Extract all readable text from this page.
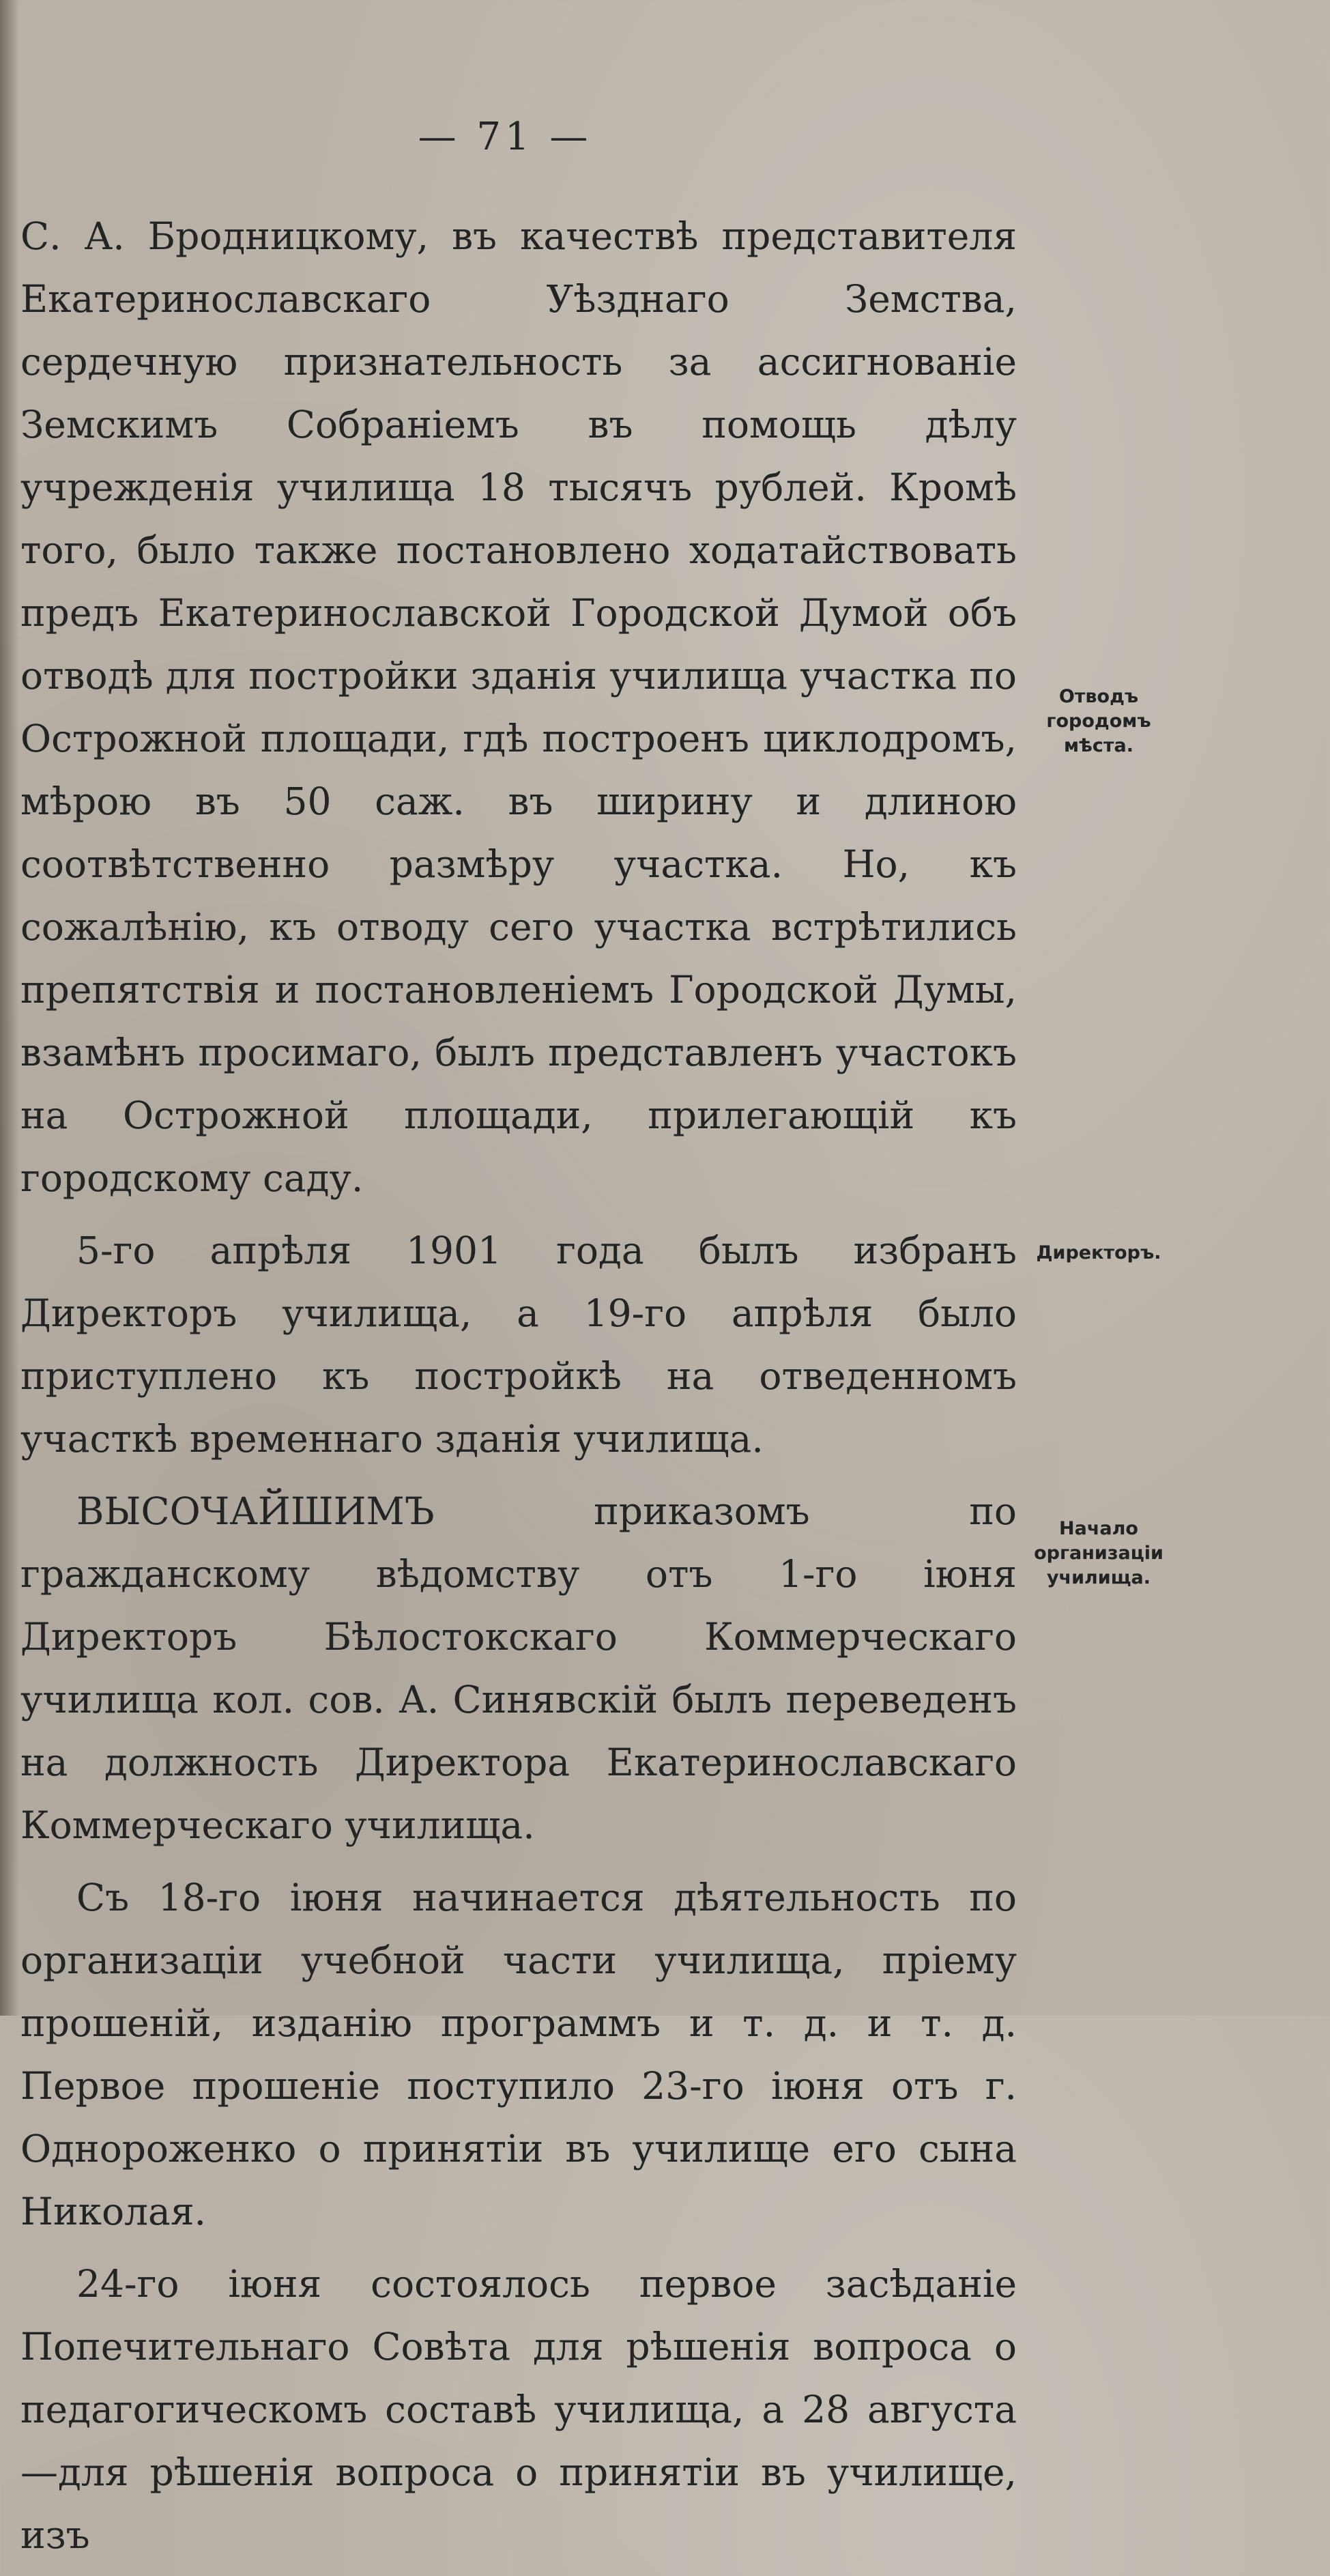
— 71 —

С. А. Бродницкому, въ качествѣ представителя Екатеринославскаго Уѣзднаго Земства, сердечную признательность за ассигнованіе Земскимъ Собраніемъ въ помощь дѣлу учрежденія училища 18 тысячъ рублей. Кромѣ того, было также постановлено ходатайствовать предъ Екатеринославской Городской Думой объ отводѣ для постройки зданія училища участка по Острожной площади, гдѣ построенъ циклодромъ, мѣрою въ 50 саж. въ ширину и длиною соотвѣтственно размѣру участка. Но, къ сожалѣнію, къ отводу сего участка встрѣтились препятствія и постановленіемъ Городской Думы, взамѣнъ просимаго, былъ представленъ участокъ на Острожной площади, прилегающій къ городскому саду.

5-го апрѣля 1901 года былъ избранъ Директоръ училища, а 19-го апрѣля было приступлено къ постройкѣ на отведенномъ участкѣ временнаго зданія училища.

ВЫСОЧАЙШИМЪ приказомъ по гражданскому вѣдомству отъ 1-го іюня Директоръ Бѣлостокскаго Коммерческаго училища кол. сов. А. Синявскій былъ переведенъ на должность Директора Екатеринославскаго Коммерческаго училища.

Съ 18-го іюня начинается дѣятельность по организаціи учебной части училища, пріему прошеній, изданію программъ и т. д. и т. д. Первое прошеніе поступило 23-го іюня отъ г. Однороженко о принятіи въ училище его сына Николая.

24-го іюня состоялось первое засѣданіе Попечительнаго Совѣта для рѣшенія вопроса о педагогическомъ составѣ училища, а 28 августа—для рѣшенія вопроса о принятіи въ училище, изъ

Отводъ
городомъ
мѣста.
Директоръ.
Начало
организаціи
училища.
